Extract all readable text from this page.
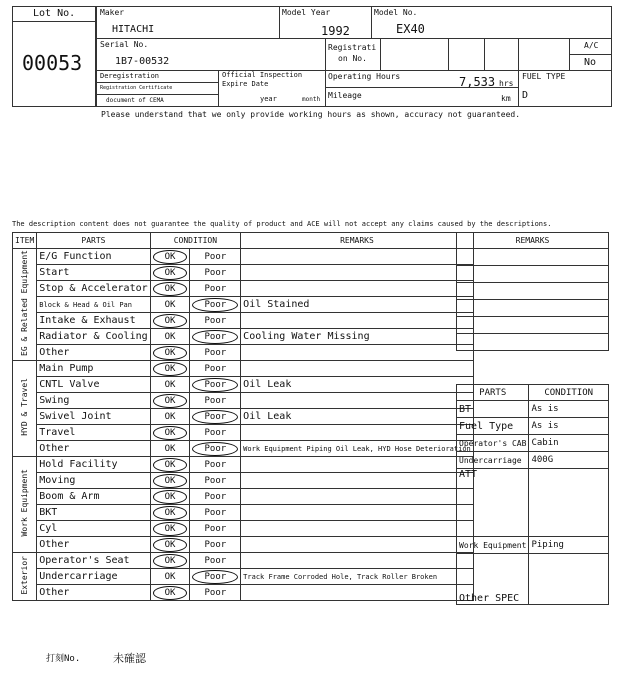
Lot No.
00053
Maker
HITACHI
Model Year
1992
Model No.
EX40
Serial No.
1B7-00532
Registrati
on No.
A/C
No
Deregistration
Registration Certificate
document of CEMA
Official Inspection
Expire Date
year	month
Operating Hours	7,533 hrs
Mileage	km
FUEL TYPE
D
Please understand that we only provide working hours as shown, accuracy not guaranteed.
The description content does not guarantee the quality of product and ACE will not accept any claims caused by the descriptions.
ITEM	PARTS	CONDITION		REMARKS
EG & Related Equipment	E/G Function	OK	Poor	
	Start	OK	Poor	
	Stop & Accelerator	OK	Poor	
	Block & Head & Oil Pan	OK	Poor	Oil Stained
	Intake & Exhaust	OK	Poor	
	Radiator & Cooling	OK	Poor	Cooling Water Missing
	Other	OK	Poor	
HYD & Travel	Main Pump	OK	Poor	
	CNTL Valve	OK	Poor	Oil Leak
	Swing	OK	Poor	
	Swivel Joint	OK	Poor	Oil Leak
	Travel	OK	Poor	
	Other	OK	Poor	Work Equipment Piping Oil Leak, HYD Hose Deterioration
Work Equipment	Hold Facility	OK	Poor	
	Moving	OK	Poor	
	Boom & Arm	OK	Poor	
	BKT	OK	Poor	
	Cyl	OK	Poor	
	Other	OK	Poor	
Exterior	Operator's Seat	OK	Poor	
	Undercarriage	OK	Poor	Track Frame Corroded Hole, Track Roller Broken
	Other	OK	Poor	
REMARKS

PARTS	CONDITION
BT	As is
Fuel Type	As is
Operator's CAB	Cabin
Undercarriage	400G
ATT	
Work Equipment	Piping
Other SPEC	
打刻No.	未確認
